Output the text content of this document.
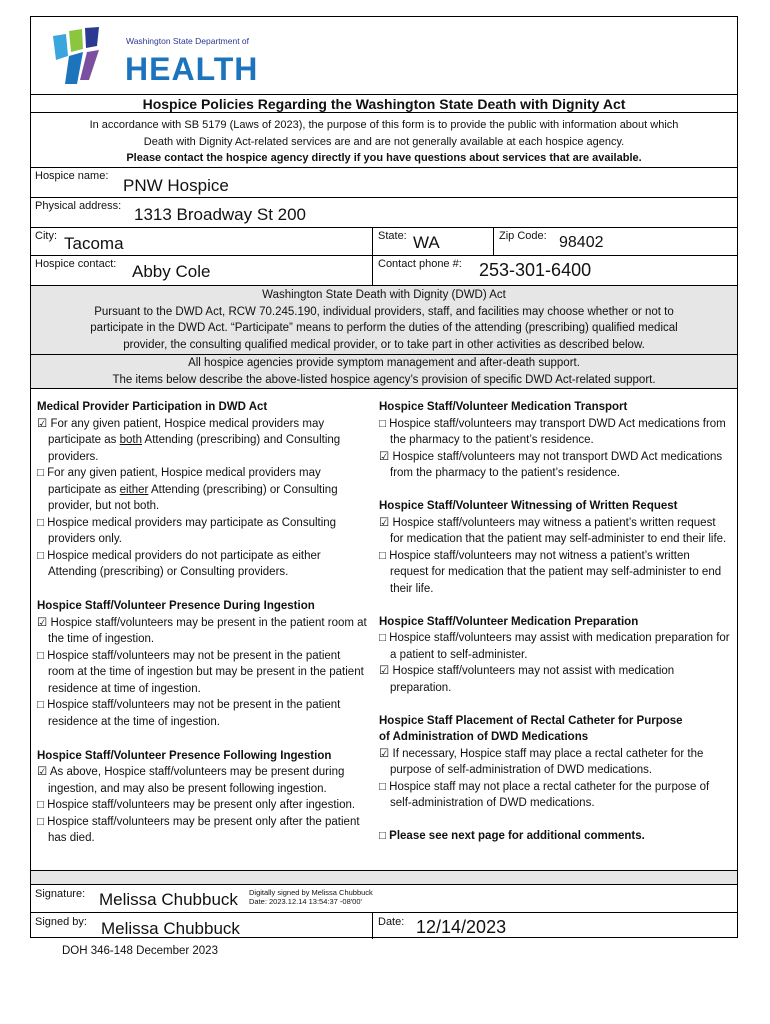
Washington State Department of
HEALTH
Hospice Policies Regarding the Washington State Death with Dignity Act
In accordance with SB 5179 (Laws of 2023), the purpose of this form is to provide the public with information about which
Death with Dignity Act-related services are and are not generally available at each hospice agency.
Please contact the hospice agency directly if you have questions about services that are available.
Hospice name: PNW Hospice
Physical address: 1313 Broadway St 200
City: Tacoma	State: WA	Zip Code: 98402
Hospice contact: Abby Cole	Contact phone #: 253-301-6400
Washington State Death with Dignity (DWD) Act
Pursuant to the DWD Act, RCW 70.245.190, individual providers, staff, and facilities may choose whether or not to
participate in the DWD Act. “Participate” means to perform the duties of the attending (prescribing) qualified medical
provider, the consulting qualified medical provider, or to take part in other activities as described below.
All hospice agencies provide symptom management and after-death support.
The items below describe the above-listed hospice agency’s provision of specific DWD Act-related support.

Medical Provider Participation in DWD Act

☑ For any given patient, Hospice medical providers may participate as both Attending (prescribing) and Consulting providers.

□ For any given patient, Hospice medical providers may participate as either Attending (prescribing) or Consulting provider, but not both.

□ Hospice medical providers may participate as Consulting providers only.

□ Hospice medical providers do not participate as either Attending (prescribing) or Consulting providers.

Hospice Staff/Volunteer Presence During Ingestion

☑ Hospice staff/volunteers may be present in the patient room at the time of ingestion.

□ Hospice staff/volunteers may not be present in the patient room at the time of ingestion but may be present in the patient residence at time of ingestion.

□ Hospice staff/volunteers may not be present in the patient residence at the time of ingestion.

Hospice Staff/Volunteer Presence Following Ingestion

☑ As above, Hospice staff/volunteers may be present during ingestion, and may also be present following ingestion.

□ Hospice staff/volunteers may be present only after ingestion.

□ Hospice staff/volunteers may be present only after the patient has died.

Hospice Staff/Volunteer Medication Transport

□ Hospice staff/volunteers may transport DWD Act medications from the pharmacy to the patient’s residence.

☑ Hospice staff/volunteers may not transport DWD Act medications from the pharmacy to the patient’s residence.

Hospice Staff/Volunteer Witnessing of Written Request

☑ Hospice staff/volunteers may witness a patient’s written request for medication that the patient may self-administer to end their life.

□ Hospice staff/volunteers may not witness a patient’s written request for medication that the patient may self-administer to end their life.

Hospice Staff/Volunteer Medication Preparation

□ Hospice staff/volunteers may assist with medication preparation for a patient to self-administer.

☑ Hospice staff/volunteers may not assist with medication preparation.

Hospice Staff Placement of Rectal Catheter for Purpose

of Administration of DWD Medications

☑ If necessary, Hospice staff may place a rectal catheter for the purpose of self-administration of DWD medications.

□ Hospice staff may not place a rectal catheter for the purpose of self-administration of DWD medications.

□ Please see next page for additional comments.

Signature: Melissa Chubbuck Digitally signed by Melissa Chubbuck
Date: 2023.12.14 13:54:37 -08'00'
Signed by: Melissa Chubbuck	Date: 12/14/2023
DOH 346-148 December 2023
